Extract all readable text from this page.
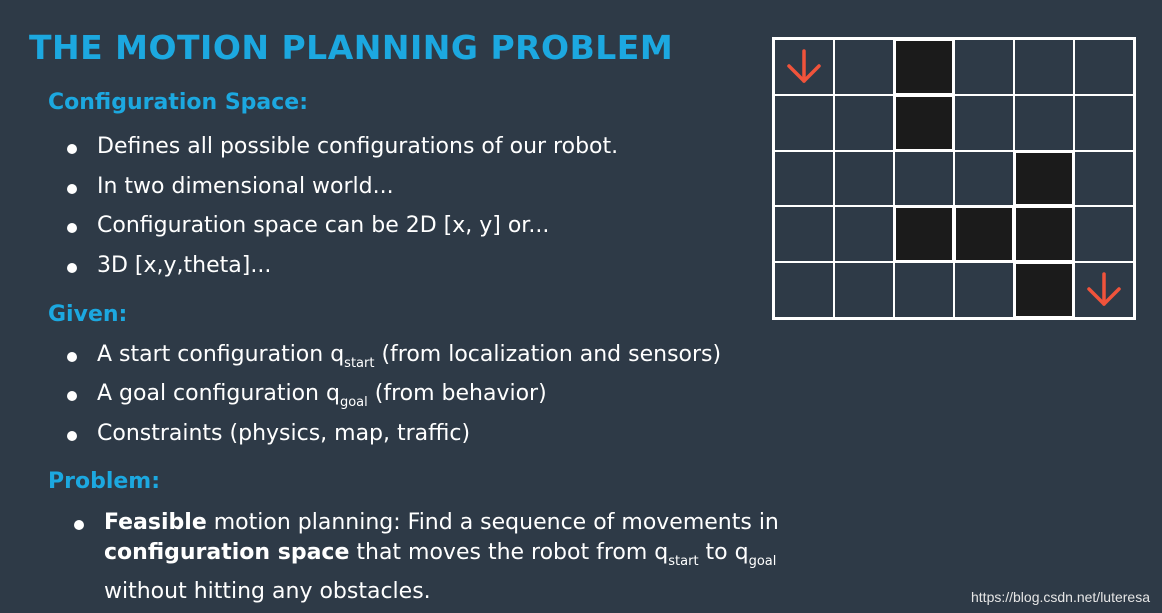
THE MOTION PLANNING PROBLEM
Configuration Space:
Defines all possible configurations of our robot.
In two dimensional world...
Configuration space can be 2D [x, y] or...
3D [x,y,theta]...
Given:
A start configuration $q_{start}$ (from localization and sensors)
A goal configuration $q_{goal}$ (from behavior)
Constraints (physics, map, traffic)
Problem:
Feasible motion planning: Find a sequence of movements in
configuration space that moves the robot from $q_{start}$ to $q_{goal}$
without hitting any obstacles.	https://blog.csdn.net/luteresa
